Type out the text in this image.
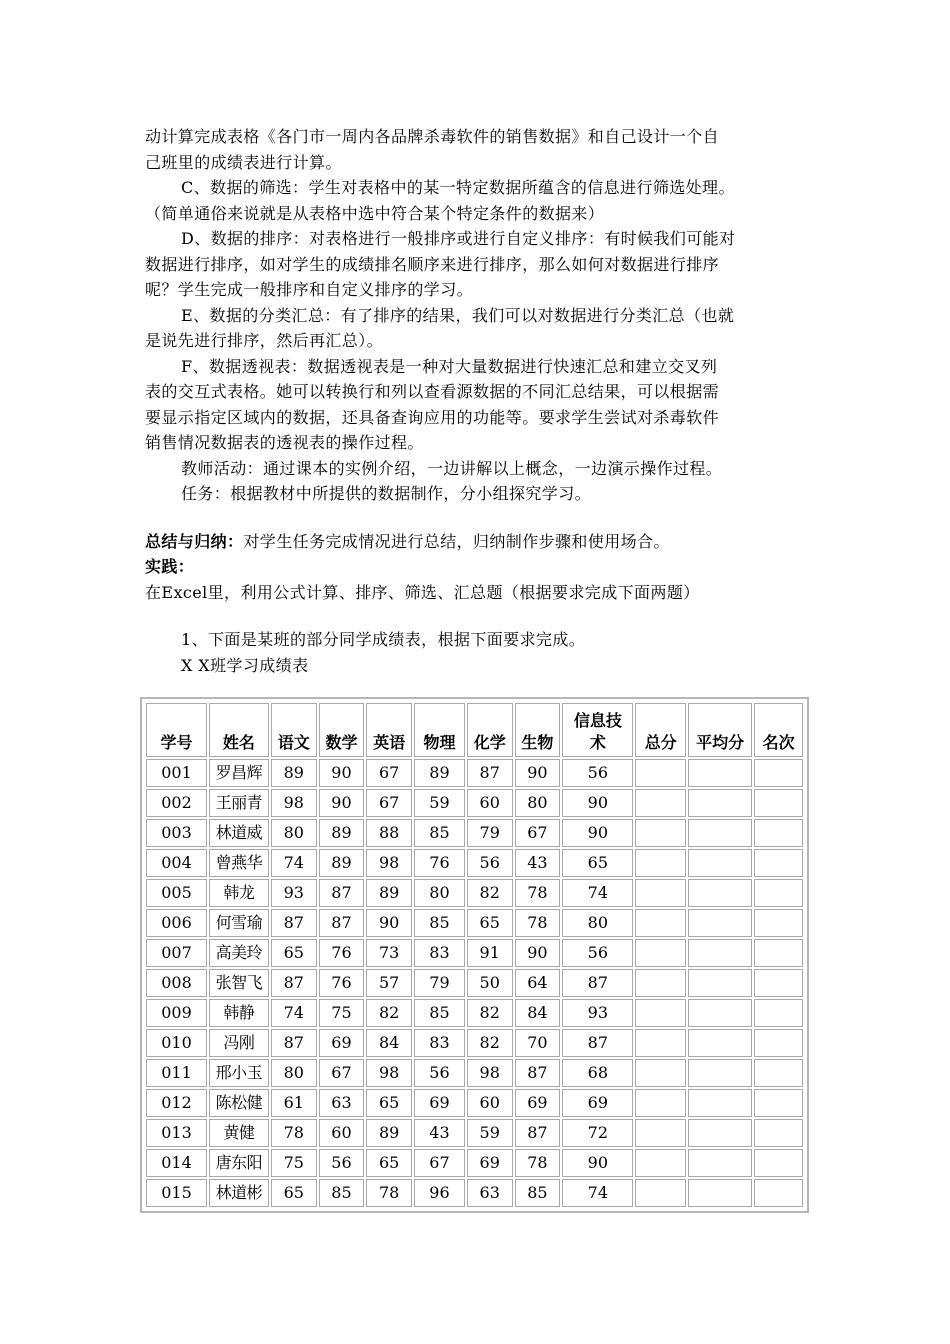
动计算完成表格《各门市一周内各品牌杀毒软件的销售数据》和自己设计一个自

己班里的成绩表进行计算。

C、数据的筛选：学生对表格中的某一特定数据所蕴含的信息进行筛选处理。

（简单通俗来说就是从表格中选中符合某个特定条件的数据来）

D、数据的排序：对表格进行一般排序或进行自定义排序：有时候我们可能对

数据进行排序，如对学生的成绩排名顺序来进行排序，那么如何对数据进行排序

呢？学生完成一般排序和自定义排序的学习。

E、数据的分类汇总：有了排序的结果，我们可以对数据进行分类汇总（也就

是说先进行排序，然后再汇总）。

F、数据透视表：数据透视表是一种对大量数据进行快速汇总和建立交叉列

表的交互式表格。她可以转换行和列以查看源数据的不同汇总结果，可以根据需

要显示指定区域内的数据，还具备查询应用的功能等。要求学生尝试对杀毒软件

销售情况数据表的透视表的操作过程。

教师活动：通过课本的实例介绍，一边讲解以上概念，一边演示操作过程。

任务：根据教材中所提供的数据制作，分小组探究学习。

总结与归纳：对学生任务完成情况进行总结，归纳制作步骤和使用场合。

实践：

在Excel里，利用公式计算、排序、筛选、汇总题（根据要求完成下面两题）

1、下面是某班的部分同学成绩表，根据下面要求完成。

X X班学习成绩表

学号	姓名	语文	数学	英语	物理	化学	生物	信息技术	总分	平均分	名次
001	罗昌辉	89	90	67	89	87	90	56			
002	王丽青	98	90	67	59	60	80	90			
003	林道威	80	89	88	85	79	67	90			
004	曾燕华	74	89	98	76	56	43	65			
005	韩龙	93	87	89	80	82	78	74			
006	何雪瑜	87	87	90	85	65	78	80			
007	高美玲	65	76	73	83	91	90	56			
008	张智飞	87	76	57	79	50	64	87			
009	韩静	74	75	82	85	82	84	93			
010	冯刚	87	69	84	83	82	70	87			
011	邢小玉	80	67	98	56	98	87	68			
012	陈松健	61	63	65	69	60	69	69			
013	黄健	78	60	89	43	59	87	72			
014	唐东阳	75	56	65	67	69	78	90			
015	林道彬	65	85	78	96	63	85	74			
